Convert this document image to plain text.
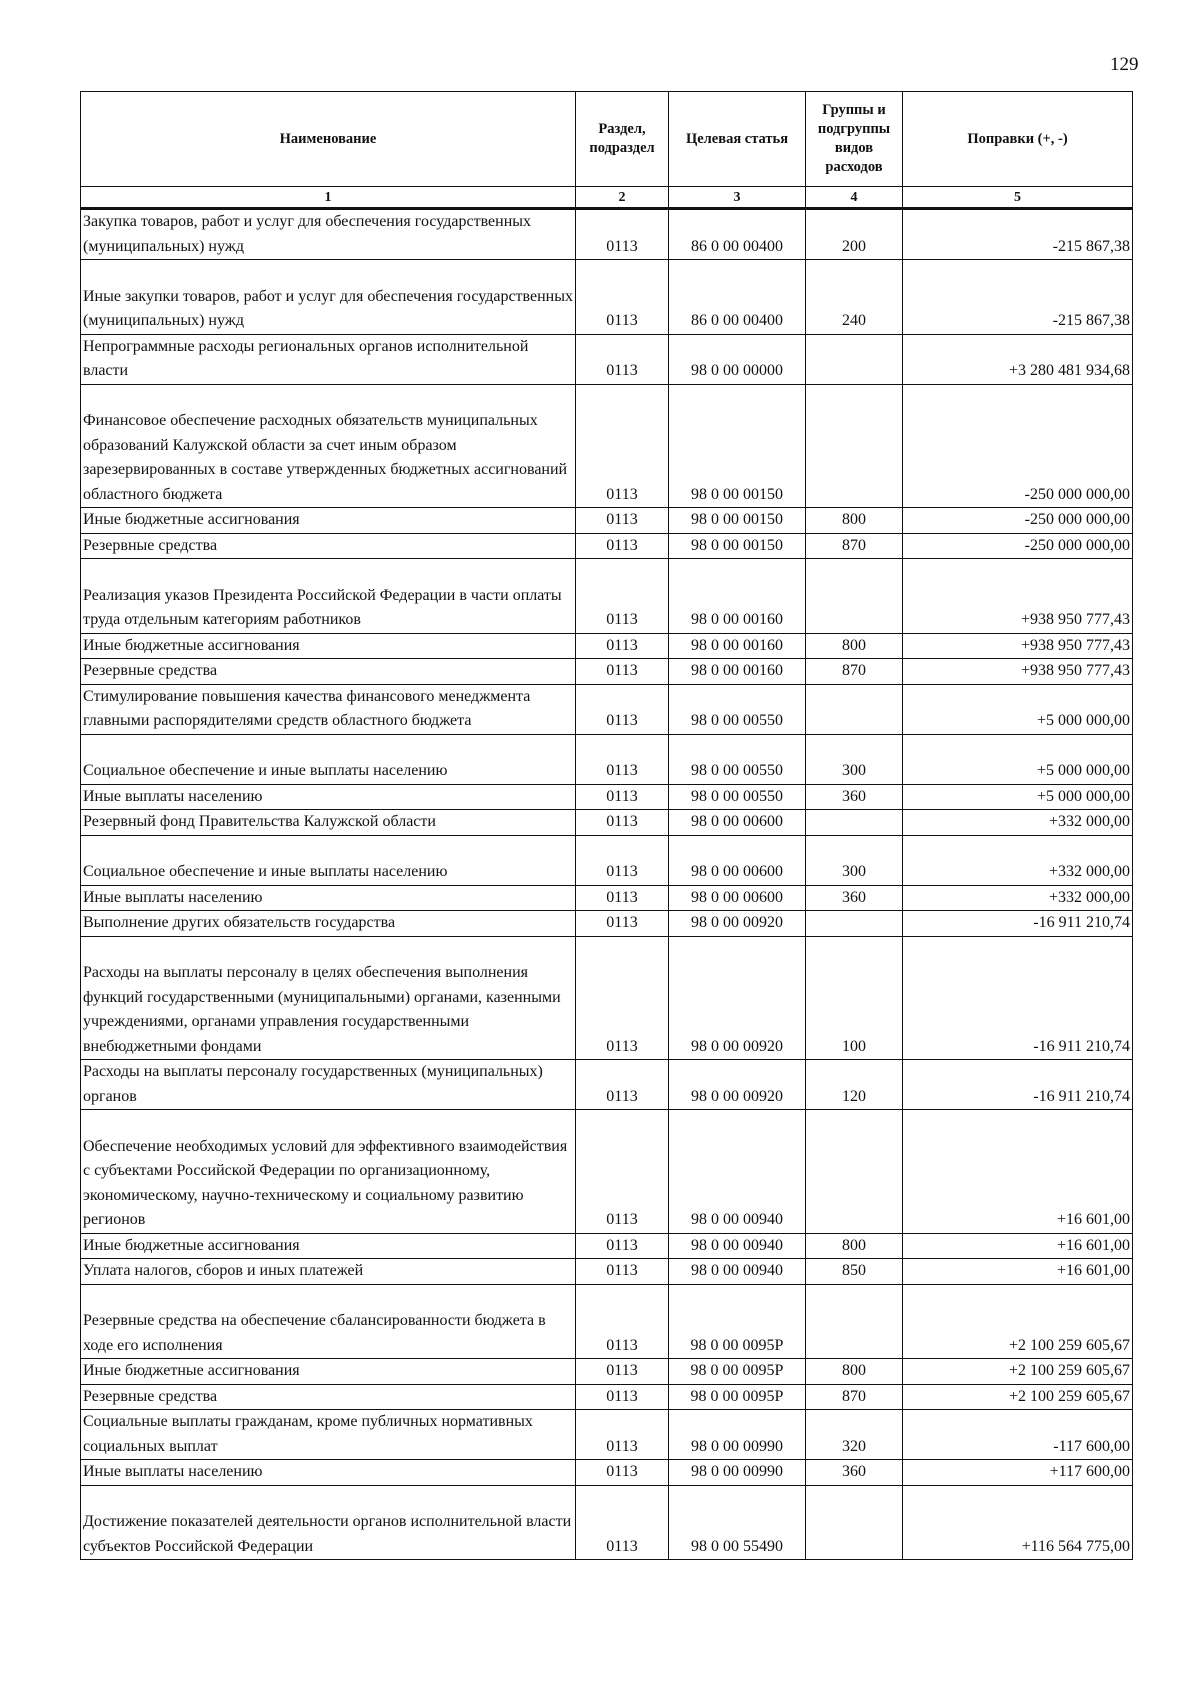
129
Наименование	Раздел, подраздел	Целевая статья	Группы и подгруппы видов расходов	Поправки (+, -)
1	2	3	4	5
Закупка товаров, работ и услуг для обеспечения государственных (муниципальных) нужд	0113	86 0 00 00400	200	-215 867,38

Иные закупки товаров, работ и услуг для обеспечения государственных (муниципальных) нужд	0113	86 0 00 00400	240	-215 867,38
Непрограммные расходы региональных органов исполнительной власти	0113	98 0 00 00000		+3 280 481 934,68

Финансовое обеспечение расходных обязательств муниципальных образований Калужской области за счет иным образом зарезервированных в составе утвержденных бюджетных ассигнований областного бюджета	0113	98 0 00 00150		-250 000 000,00
Иные бюджетные ассигнования	0113	98 0 00 00150	800	-250 000 000,00
Резервные средства	0113	98 0 00 00150	870	-250 000 000,00

Реализация указов Президента Российской Федерации в части оплаты труда отдельным категориям работников	0113	98 0 00 00160		+938 950 777,43
Иные бюджетные ассигнования	0113	98 0 00 00160	800	+938 950 777,43
Резервные средства	0113	98 0 00 00160	870	+938 950 777,43
Стимулирование повышения качества финансового менеджмента главными распорядителями средств областного бюджета	0113	98 0 00 00550		+5 000 000,00

Социальное обеспечение и иные выплаты населению	0113	98 0 00 00550	300	+5 000 000,00
Иные выплаты населению	0113	98 0 00 00550	360	+5 000 000,00
Резервный фонд Правительства Калужской области	0113	98 0 00 00600		+332 000,00

Социальное обеспечение и иные выплаты населению	0113	98 0 00 00600	300	+332 000,00
Иные выплаты населению	0113	98 0 00 00600	360	+332 000,00
Выполнение других обязательств государства	0113	98 0 00 00920		-16 911 210,74

Расходы на выплаты персоналу в целях обеспечения выполнения функций государственными (муниципальными) органами, казенными учреждениями, органами управления государственными внебюджетными фондами	0113	98 0 00 00920	100	-16 911 210,74
Расходы на выплаты персоналу государственных (муниципальных) органов	0113	98 0 00 00920	120	-16 911 210,74

Обеспечение необходимых условий для эффективного взаимодействия с субъектами Российской Федерации по организационному, экономическому, научно-техническому и социальному развитию регионов	0113	98 0 00 00940		+16 601,00
Иные бюджетные ассигнования	0113	98 0 00 00940	800	+16 601,00
Уплата налогов, сборов и иных платежей	0113	98 0 00 00940	850	+16 601,00

Резервные средства на обеспечение сбалансированности бюджета в ходе его исполнения	0113	98 0 00 0095P		+2 100 259 605,67
Иные бюджетные ассигнования	0113	98 0 00 0095P	800	+2 100 259 605,67
Резервные средства	0113	98 0 00 0095P	870	+2 100 259 605,67
Социальные выплаты гражданам, кроме публичных нормативных социальных выплат	0113	98 0 00 00990	320	-117 600,00
Иные выплаты населению	0113	98 0 00 00990	360	+117 600,00

Достижение показателей деятельности органов исполнительной власти субъектов Российской Федерации	0113	98 0 00 55490		+116 564 775,00
